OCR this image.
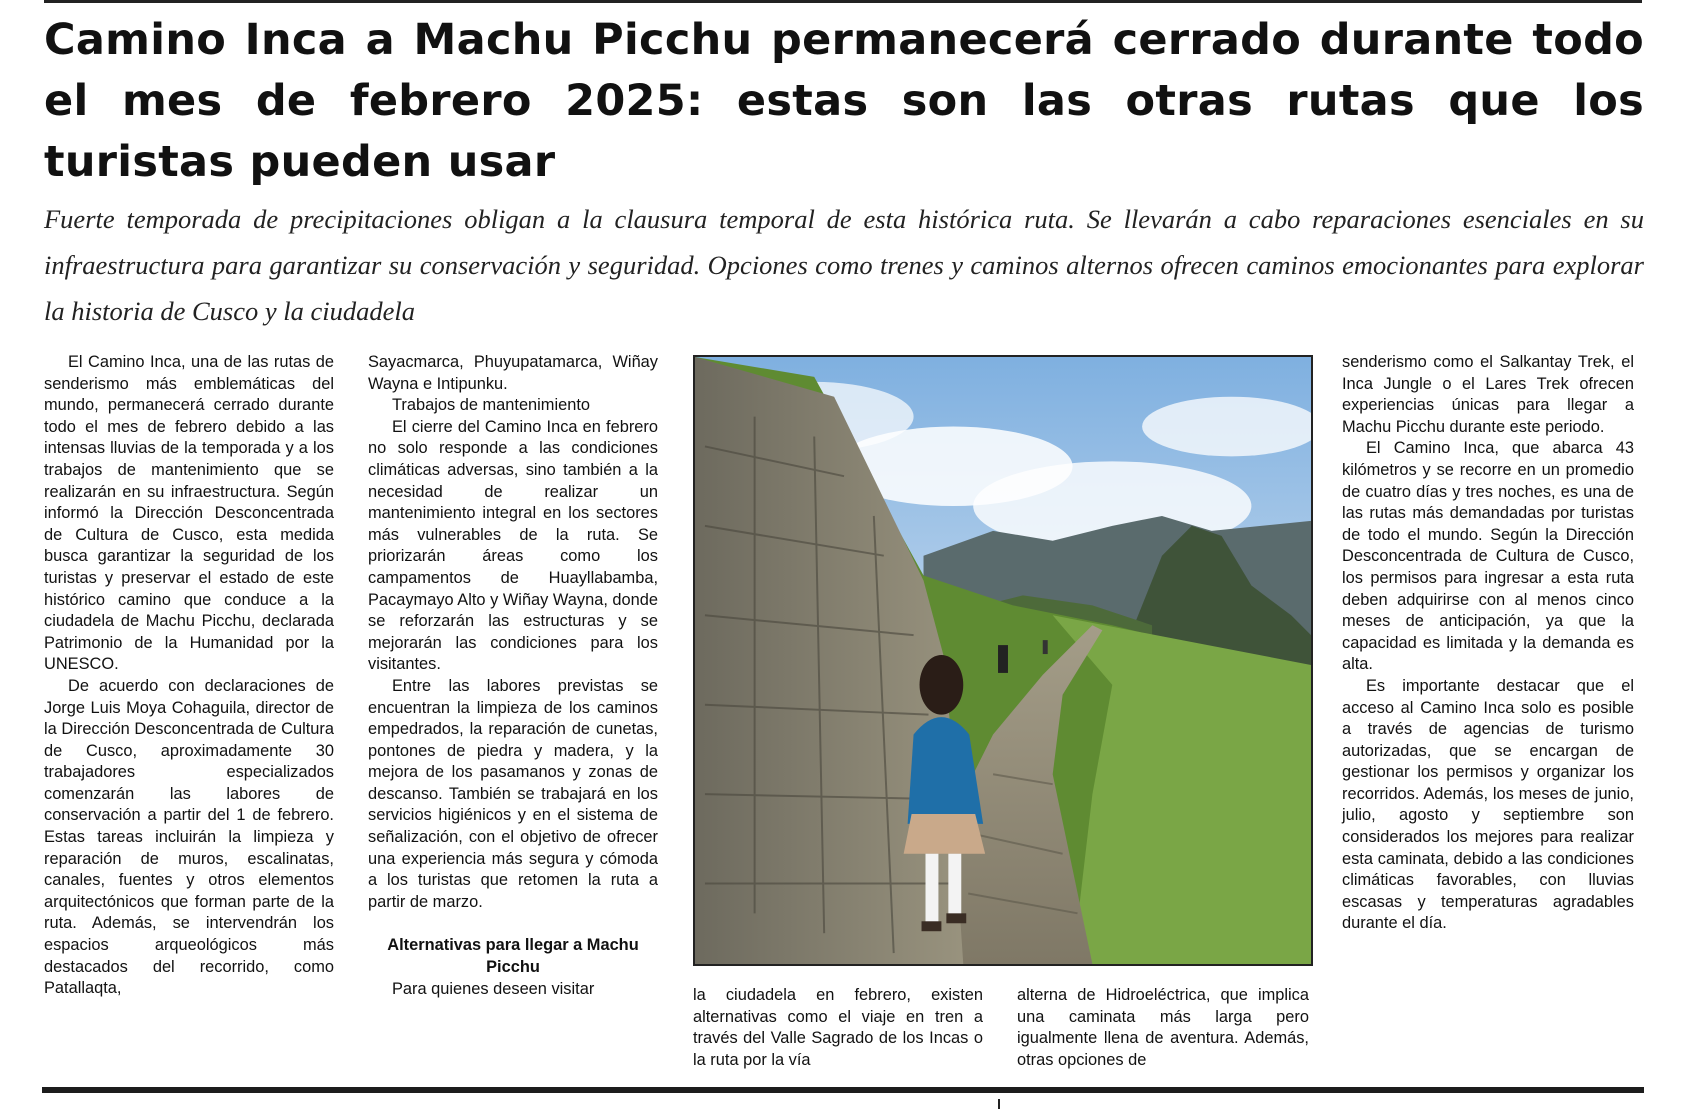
Camino Inca a Machu Picchu permanecerá cerrado durante todo el mes de febrero 2025: estas son las otras rutas que los turistas pueden usar

Fuerte temporada de precipitaciones obligan a la clausura temporal de esta histórica ruta. Se llevarán a cabo reparaciones esenciales en su infraestructura para garantizar su conservación y seguridad. Opciones como trenes y caminos alternos ofrecen caminos emocionantes para explorar la historia de Cusco y la ciudadela

El Camino Inca, una de las rutas de senderismo más emblemáticas del mundo, permanecerá cerrado durante todo el mes de febrero debido a las intensas lluvias de la temporada y a los trabajos de mantenimiento que se realizarán en su infraestructura. Según informó la Dirección Desconcentrada de Cultura de Cusco, esta medida busca garantizar la seguridad de los turistas y preservar el estado de este histórico camino que conduce a la ciudadela de Machu Picchu, declarada Patrimonio de la Humanidad por la UNESCO.

De acuerdo con declaraciones de Jorge Luis Moya Cohaguila, director de la Dirección Desconcentrada de Cultura de Cusco, aproximadamente 30 trabajadores especializados comenzarán las labores de conservación a partir del 1 de febrero. Estas tareas incluirán la limpieza y reparación de muros, escalinatas, canales, fuentes y otros elementos arquitectónicos que forman parte de la ruta. Además, se intervendrán los espacios arqueológicos más destacados del recorrido, como Patallaqta,

Sayacmarca, Phuyupatamarca, Wiñay Wayna e Intipunku.

Trabajos de mantenimiento

El cierre del Camino Inca en febrero no solo responde a las condiciones climáticas adversas, sino también a la necesidad de realizar un mantenimiento integral en los sectores más vulnerables de la ruta. Se priorizarán áreas como los campamentos de Huayllabamba, Pacaymayo Alto y Wiñay Wayna, donde se reforzarán las estructuras y se mejorarán las condiciones para los visitantes.

Entre las labores previstas se encuentran la limpieza de los caminos empedrados, la reparación de cunetas, pontones de piedra y madera, y la mejora de los pasamanos y zonas de descanso. También se trabajará en los servicios higiénicos y en el sistema de señalización, con el objetivo de ofrecer una experiencia más segura y cómoda a los turistas que retomen la ruta a partir de marzo.

Alternativas para llegar a Machu Picchu

Para quienes deseen visitar	la ciudadela en febrero, existen alternativas como el viaje en tren a través del Valle Sagrado de los Incas o la ruta por la vía

alterna de Hidroeléctrica, que implica una caminata más larga pero igualmente llena de aventura. Además, otras opciones de

senderismo como el Salkantay Trek, el Inca Jungle o el Lares Trek ofrecen experiencias únicas para llegar a Machu Picchu durante este periodo.

El Camino Inca, que abarca 43 kilómetros y se recorre en un promedio de cuatro días y tres noches, es una de las rutas más demandadas por turistas de todo el mundo. Según la Dirección Desconcentrada de Cultura de Cusco, los permisos para ingresar a esta ruta deben adquirirse con al menos cinco meses de anticipación, ya que la capacidad es limitada y la demanda es alta.

Es importante destacar que el acceso al Camino Inca solo es posible a través de agencias de turismo autorizadas, que se encargan de gestionar los permisos y organizar los recorridos. Además, los meses de junio, julio, agosto y septiembre son considerados los mejores para realizar esta caminata, debido a las condiciones climáticas favorables, con lluvias escasas y temperaturas agradables durante el día.
